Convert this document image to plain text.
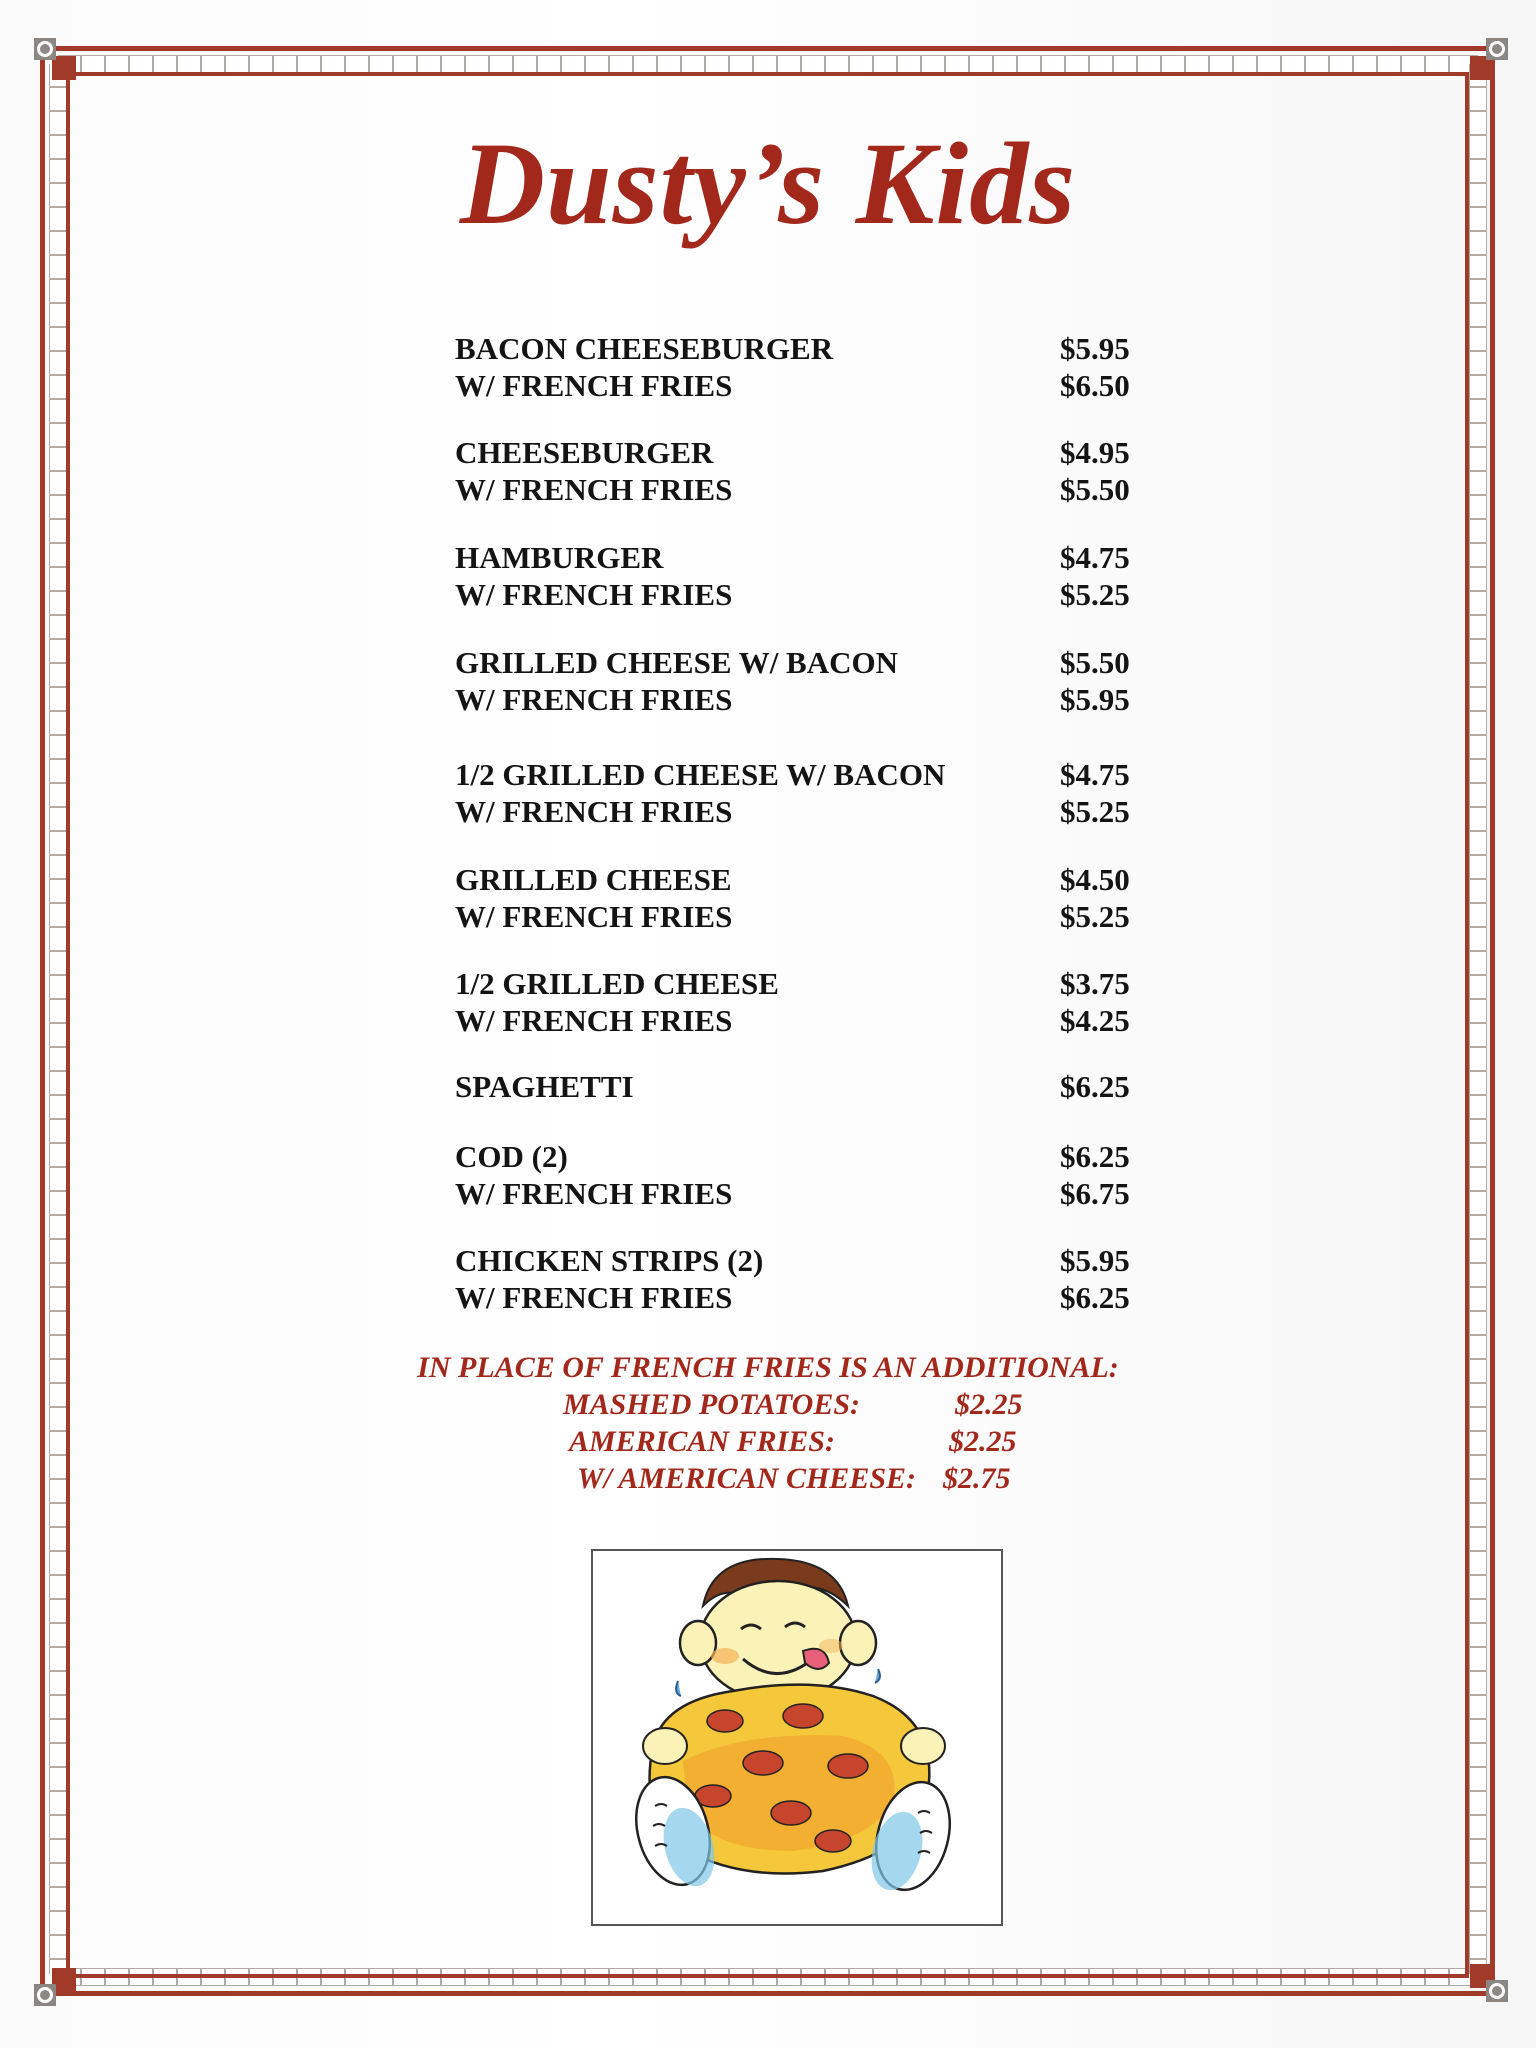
Dusty’s Kids
BACON CHEESEBURGER	$5.95
W/ FRENCH FRIES	$6.50
CHEESEBURGER	$4.95
W/ FRENCH FRIES	$5.50
HAMBURGER	$4.75
W/ FRENCH FRIES	$5.25
GRILLED CHEESE W/ BACON	$5.50
W/ FRENCH FRIES	$5.95
1/2 GRILLED CHEESE W/ BACON	$4.75
W/ FRENCH FRIES	$5.25
GRILLED CHEESE	$4.50
W/ FRENCH FRIES	$5.25
1/2 GRILLED CHEESE	$3.75
W/ FRENCH FRIES	$4.25
SPAGHETTI	$6.25
COD (2)	$6.25
W/ FRENCH FRIES	$6.75
CHICKEN STRIPS (2)	$5.95
W/ FRENCH FRIES	$6.25
IN PLACE OF FRENCH FRIES IS AN ADDITIONAL:
MASHED POTATOES:	$2.25
AMERICAN FRIES:	$2.25
W/ AMERICAN CHEESE: $2.75
